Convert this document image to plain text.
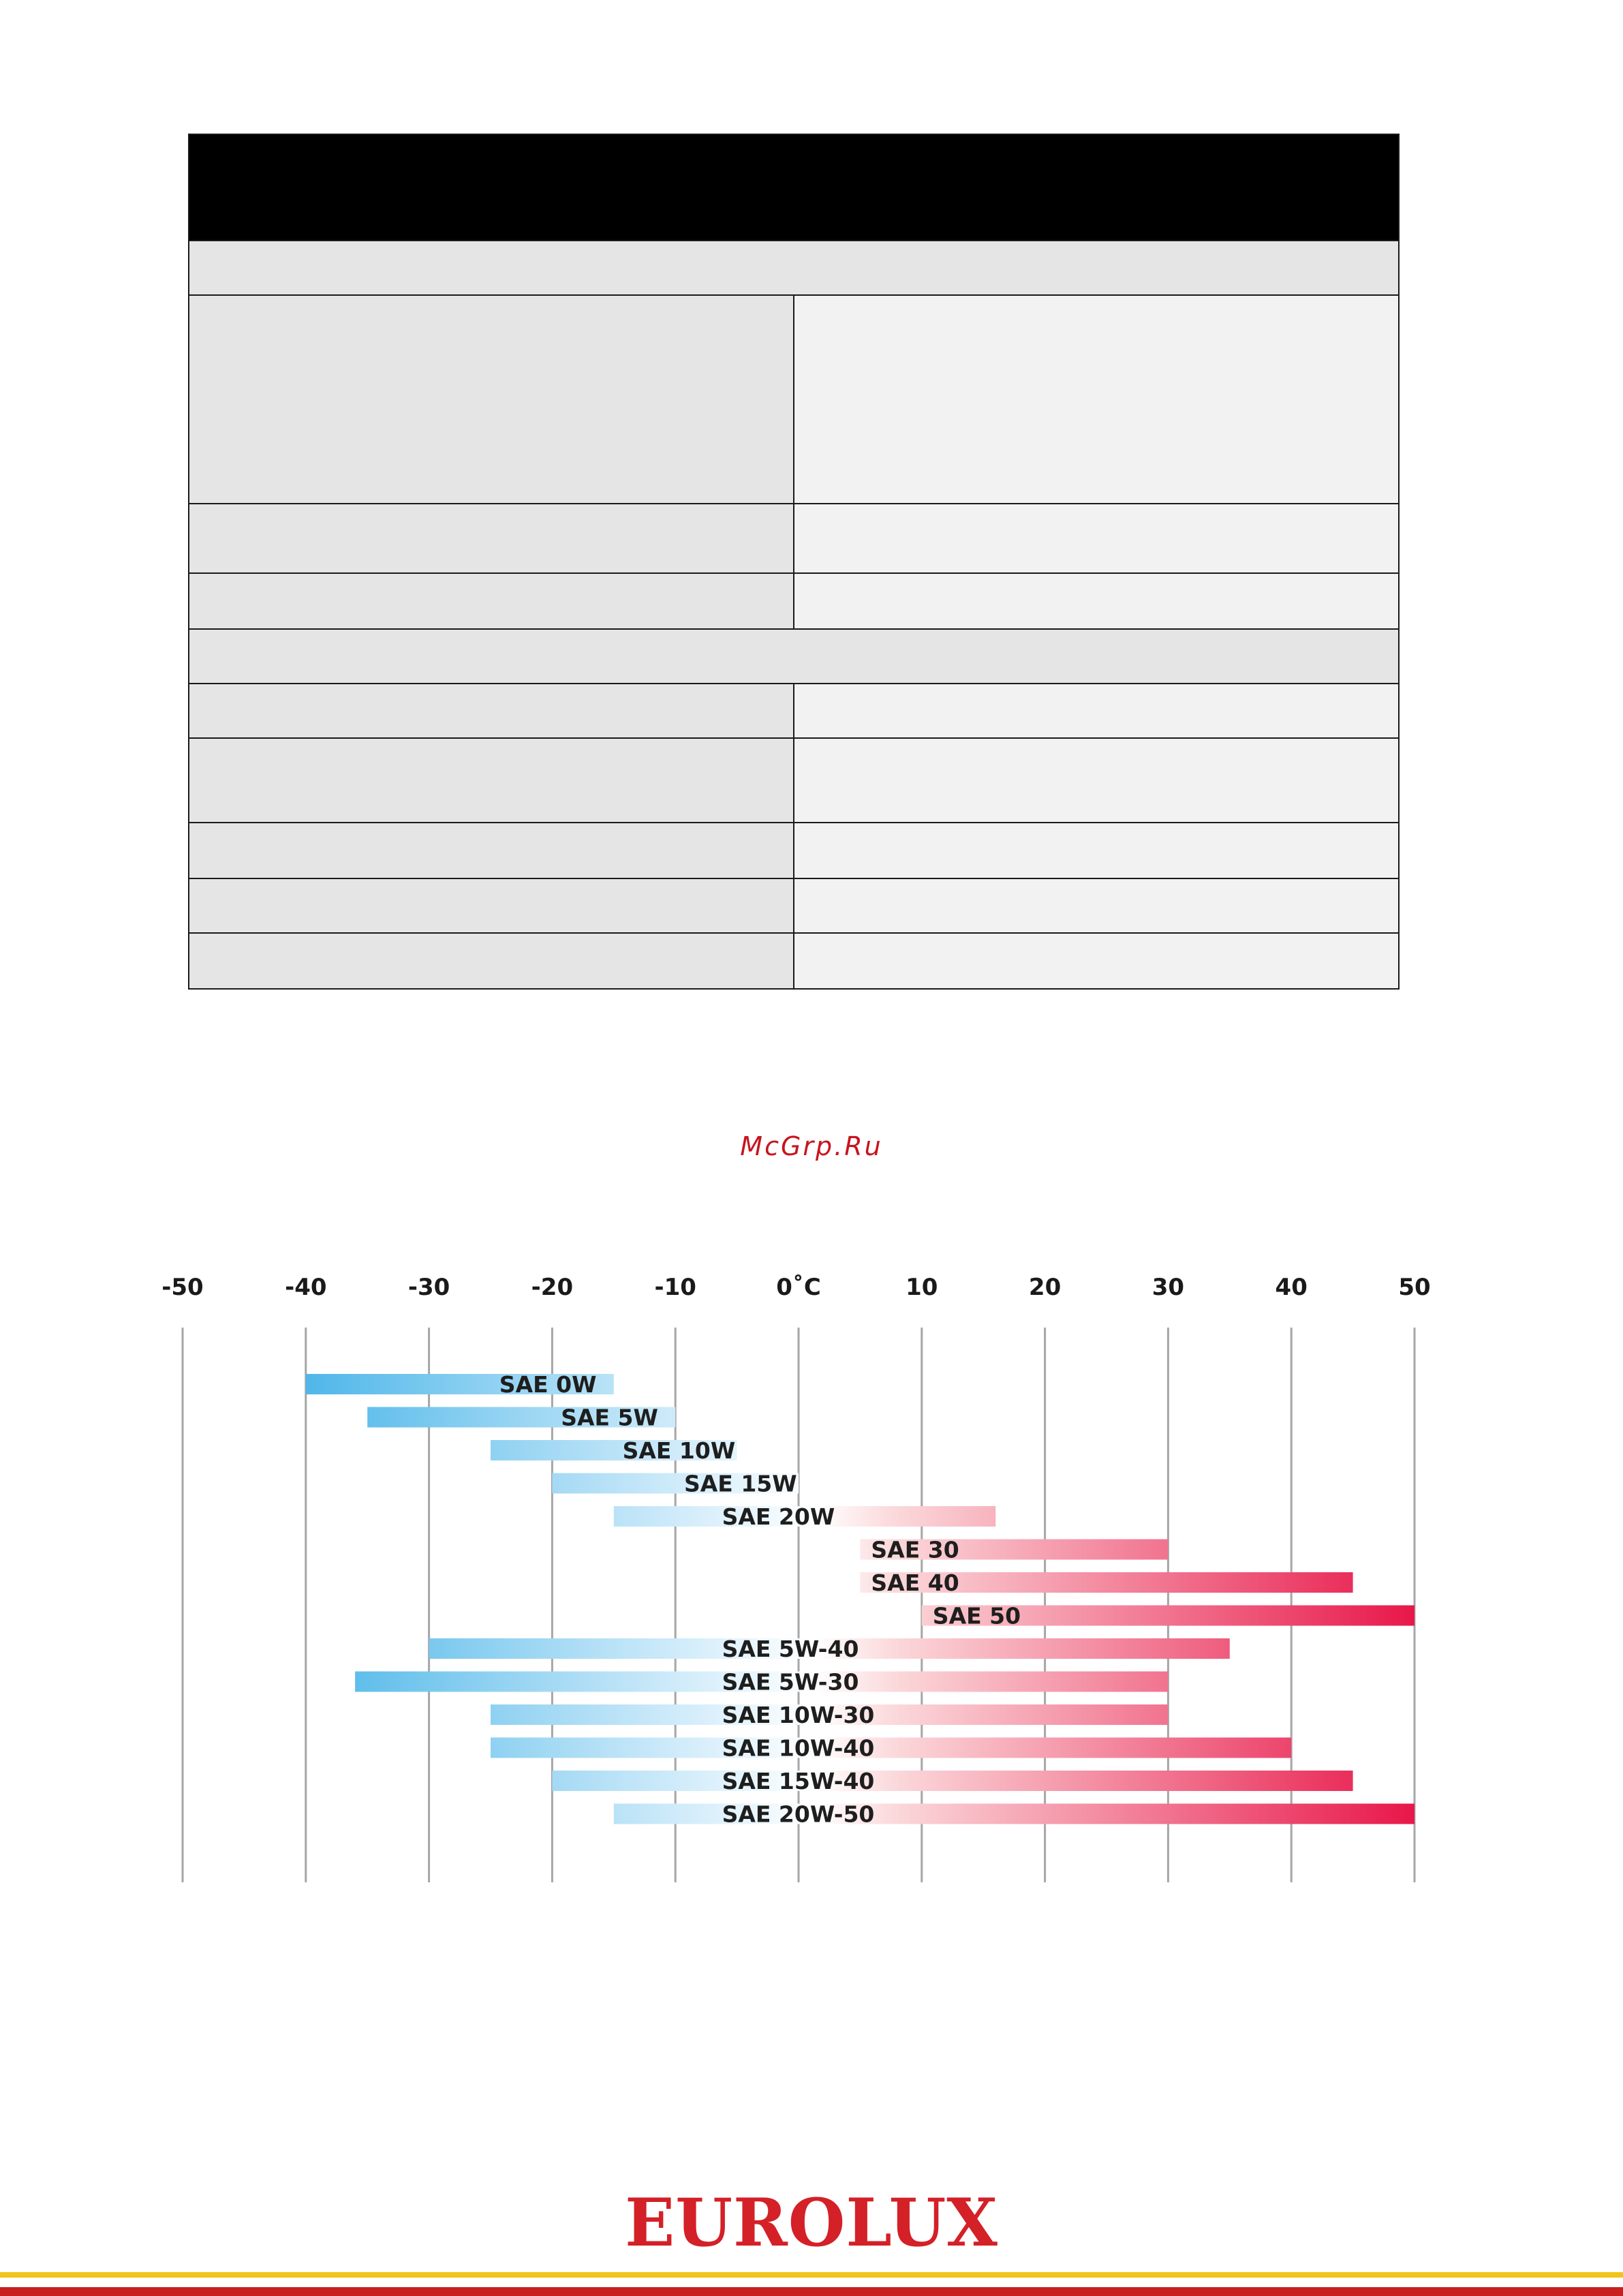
McGrp.Ru
-50	-40	-30	-20	-10	0˚C	10	20	30	40	50
SAE 0W
SAE 5W
SAE 10W
SAE 15W
SAE 20W
SAE 30
SAE 40
SAE 50
SAE 5W-40
SAE 5W-30
SAE 10W-30
SAE 10W-40
SAE 15W-40
SAE 20W-50
EUROLUX
